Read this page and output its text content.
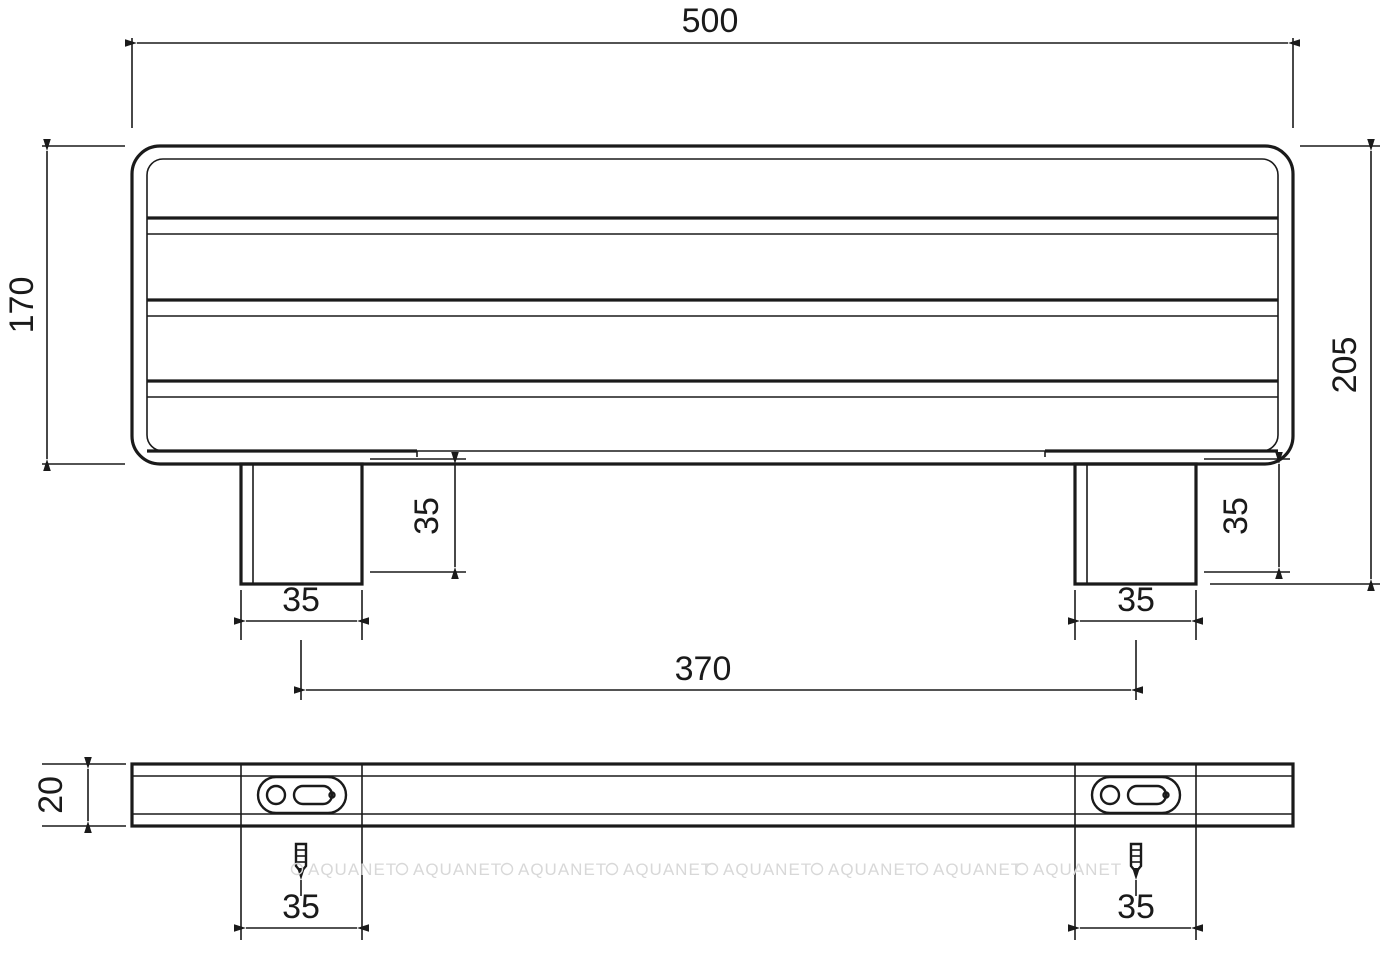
500
170
205
35	35
35	35
370
20
35	35
AQUANET AQUANET AQUANET AQUANET AQUANET AQUANET AQUANET AQUANET
